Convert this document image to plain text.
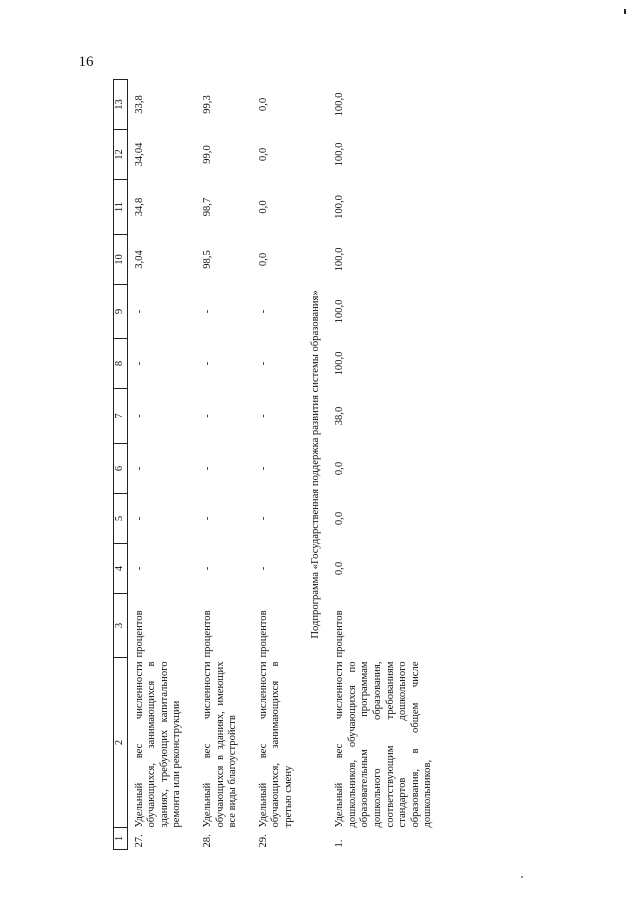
16
1	2	3	4	5	6	7	8	9	10	11	12	13
27.	Удельный вес численности обучающихся, занимающихся в зданиях, требующих капитального ремонта или реконструкции	процентов	-	-	-	-	-	-	3,04	34,8	34,04	33,8
28.	Удельный вес численности обучающихся в зданиях, имеющих все виды благоустройств	процентов	-	-	-	-	-	-	98,5	98,7	99,0	99,3
29.	Удельный вес численности обучающихся, занимающихся в третью смену	процентов	-	-	-	-	-	-	0,0	0,0	0,0	0,0
Подпрограмма «Государственная поддержка развития системы образования»												
1.	Удельный вес численности дошкольников, обучающихся по образовательным программам дошкольного образования, соответствующим требованиям стандартов дошкольного образования, в общем числе дошкольников,	процентов	0,0	0,0	0,0	38,0	100,0	100,0	100,0	100,0	100,0	100,0
